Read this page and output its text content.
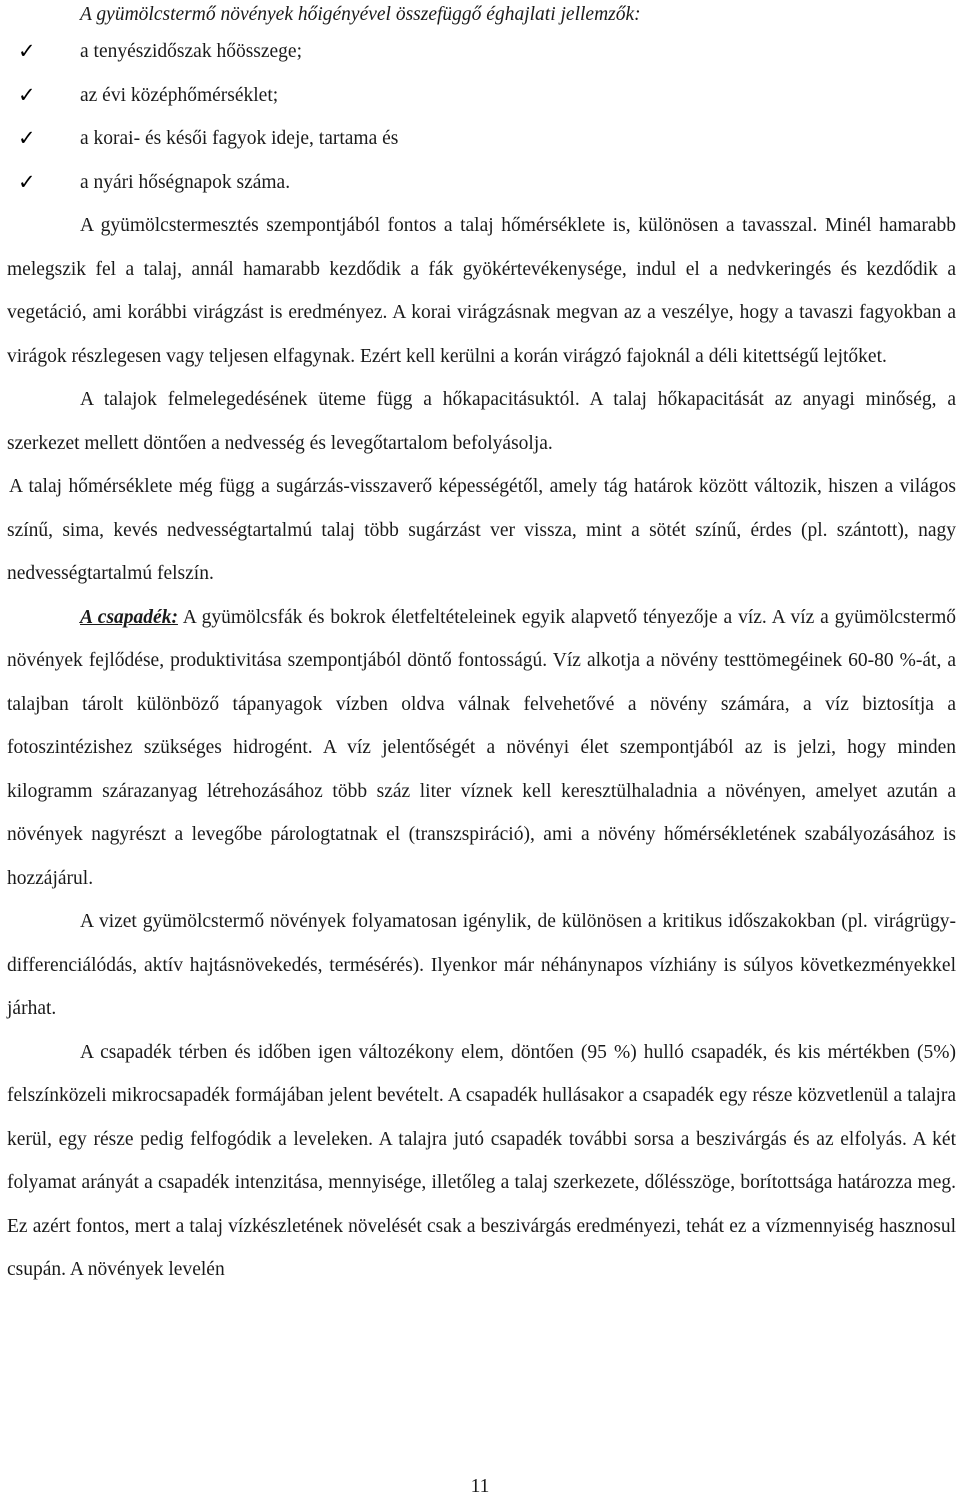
A gyümölcstermő növények hőigényével összefüggő éghajlati jellemzők:

✓ a tenyészidőszak hőösszege;
✓ az évi középhőmérséklet;
✓ a korai- és késői fagyok ideje, tartama és
✓ a nyári hőségnapok száma.

A gyümölcstermesztés szempontjából fontos a talaj hőmérséklete is, különösen a tavasszal. Minél hamarabb melegszik fel a talaj, annál hamarabb kezdődik a fák gyökértevékenysége, indul el a nedvkeringés és kezdődik a vegetáció, ami korábbi virágzást is eredményez. A korai virágzásnak megvan az a veszélye, hogy a tavaszi fagyokban a virágok részlegesen vagy teljesen elfagynak. Ezért kell kerülni a korán virágzó fajoknál a déli kitettségű lejtőket.

A talajok felmelegedésének üteme függ a hőkapacitásuktól. A talaj hőkapacitását az anyagi minőség, a szerkezet mellett döntően a nedvesség és levegőtartalom befolyásolja.

A talaj hőmérséklete még függ a sugárzás-visszaverő képességétől, amely tág határok között változik, hiszen a világos színű, sima, kevés nedvességtartalmú talaj több sugárzást ver vissza, mint a sötét színű, érdes (pl. szántott), nagy nedvességtartalmú felszín.

A csapadék: A gyümölcsfák és bokrok életfeltételeinek egyik alapvető tényezője a víz. A víz a gyümölcstermő növények fejlődése, produktivitása szempontjából döntő fontosságú. Víz alkotja a növény testtömegéinek 60-80 %-át, a talajban tárolt különböző tápanyagok vízben oldva válnak felvehetővé a növény számára, a víz biztosítja a fotoszintézishez szükséges hidrogént. A víz jelentőségét a növényi élet szempontjából az is jelzi, hogy minden kilogramm szárazanyag létrehozásához több száz liter víznek kell keresztülhaladnia a növényen, amelyet azután a növények nagyrészt a levegőbe párologtatnak el (transzspiráció), ami a növény hőmérsékletének szabályozásához is hozzájárul.

A vizet gyümölcstermő növények folyamatosan igénylik, de különösen a kritikus időszakokban (pl. virágrügy-differenciálódás, aktív hajtásnövekedés, termésérés). Ilyenkor már néhánynapos vízhiány is súlyos következményekkel járhat.

A csapadék térben és időben igen változékony elem, döntően (95 %) hulló csapadék, és kis mértékben (5%) felszínközeli mikrocsapadék formájában jelent bevételt. A csapadék hullásakor a csapadék egy része közvetlenül a talajra kerül, egy része pedig felfogódik a leveleken. A talajra jutó csapadék további sorsa a beszivárgás és az elfolyás. A két folyamat arányát a csapadék intenzitása, mennyisége, illetőleg a talaj szerkezete, dőlésszöge, borítottsága határozza meg. Ez azért fontos, mert a talaj vízkészletének növelését csak a beszivárgás eredményezi, tehát ez a vízmennyiség hasznosul csupán. A növények levelén

11
